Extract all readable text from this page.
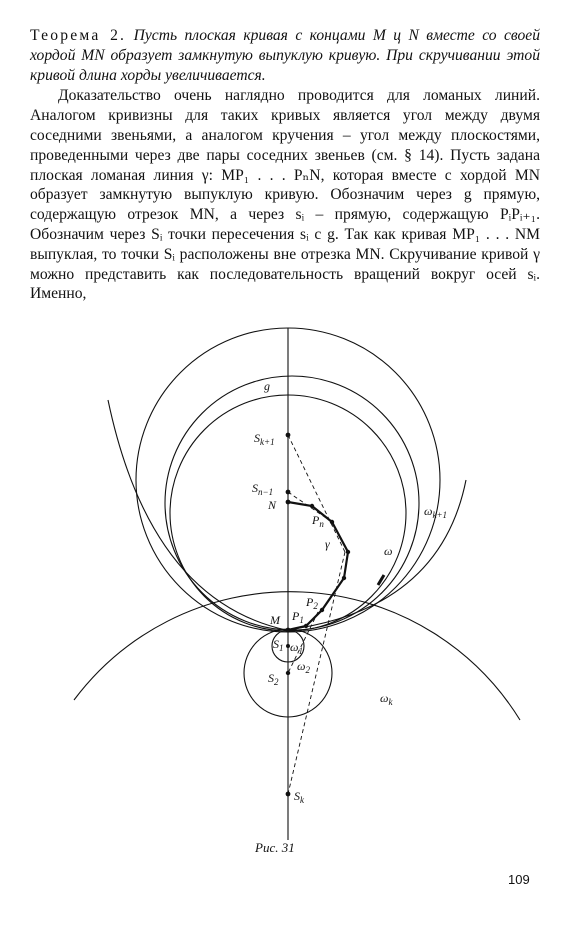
Теорема 2. Пусть плоская кривая с концами M ц N вместе со своей хордой MN образует замкнутую выпуклую кривую. При скручивании этой кривой длина хорды увеличивается.

Доказательство очень наглядно проводится для ломаных линий. Аналогом кривизны для таких кривых является угол между двумя соседними звеньями, а аналогом кручения – угол между плоскостями, проведенными через две пары соседних звеньев (см. § 14). Пусть задана плоская ломаная линия γ: MP₁ . . . PₙN, которая вместе с хордой MN образует замкнутую выпуклую кривую. Обозначим через g прямую, содержащую отрезок MN, а через sᵢ – прямую, содержащую PᵢPᵢ₊₁. Обозначим через Sᵢ точки пересечения sᵢ с g. Так как кривая MP₁ . . . NM выпуклая, то точки Sᵢ расположены вне отрезка MN. Скручивание кривой γ можно представить как последовательность вращений вокруг осей sᵢ. Именно,

g
$S_{k+1}$
$S_{n-1}$
N
$P_n$
γ	ω
$\omega_{k+1}$
$P_2$
M $P_1$
$S_1$ $\omega_1$
$\omega_2$
$S_2$
$\omega_k$
$S_k$
Рис. 31
109
